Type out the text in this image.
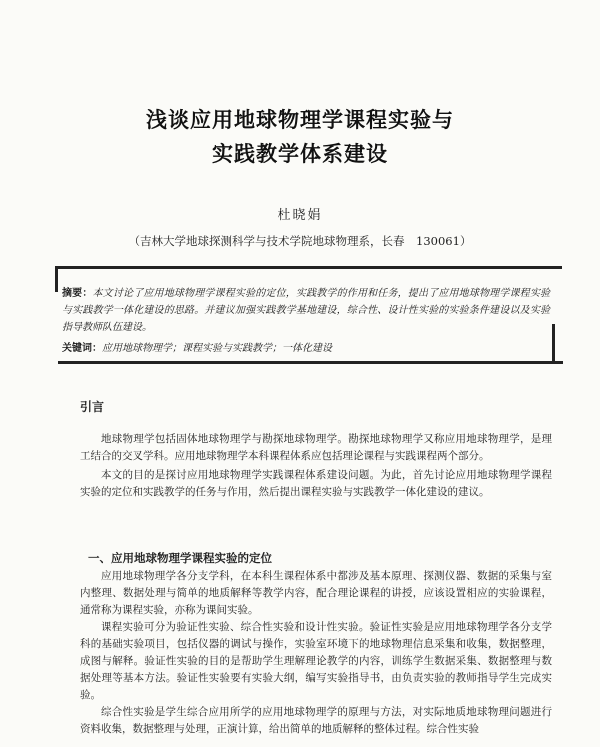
浅谈应用地球物理学课程实验与
实践教学体系建设
杜晓娟
（吉林大学地球探测科学与技术学院地球物理系，长春　130061）

摘要：本文讨论了应用地球物理学课程实验的定位，实践教学的作用和任务，提出了应用地球物理学课程实验与实践教学一体化建设的思路。并建议加强实践教学基地建设，综合性、设计性实验的实验条件建设以及实验指导教师队伍建设。

关键词：应用地球物理学；课程实验与实践教学；一体化建设

引言

地球物理学包括固体地球物理学与勘探地球物理学。勘探地球物理学又称应用地球物理学，是理工结合的交叉学科。应用地球物理学本科课程体系应包括理论课程与实践课程两个部分。

本文的目的是探讨应用地球物理学实践课程体系建设问题。为此，首先讨论应用地球物理学课程实验的定位和实践教学的任务与作用，然后提出课程实验与实践教学一体化建设的建议。

一、应用地球物理学课程实验的定位

应用地球物理学各分支学科，在本科生课程体系中都涉及基本原理、探测仪器、数据的采集与室内整理、数据处理与简单的地质解释等教学内容，配合理论课程的讲授，应该设置相应的实验课程，通常称为课程实验，亦称为课间实验。

课程实验可分为验证性实验、综合性实验和设计性实验。验证性实验是应用地球物理学各分支学科的基础实验项目，包括仪器的调试与操作，实验室环境下的地球物理信息采集和收集，数据整理，成图与解释。验证性实验的目的是帮助学生理解理论教学的内容，训练学生数据采集、数据整理与数据处理等基本方法。验证性实验要有实验大纲，编写实验指导书，由负责实验的教师指导学生完成实验。

综合性实验是学生综合应用所学的应用地球物理学的原理与方法，对实际地质地球物理问题进行资料收集，数据整理与处理，正演计算，给出简单的地质解释的整体过程。综合性实验
